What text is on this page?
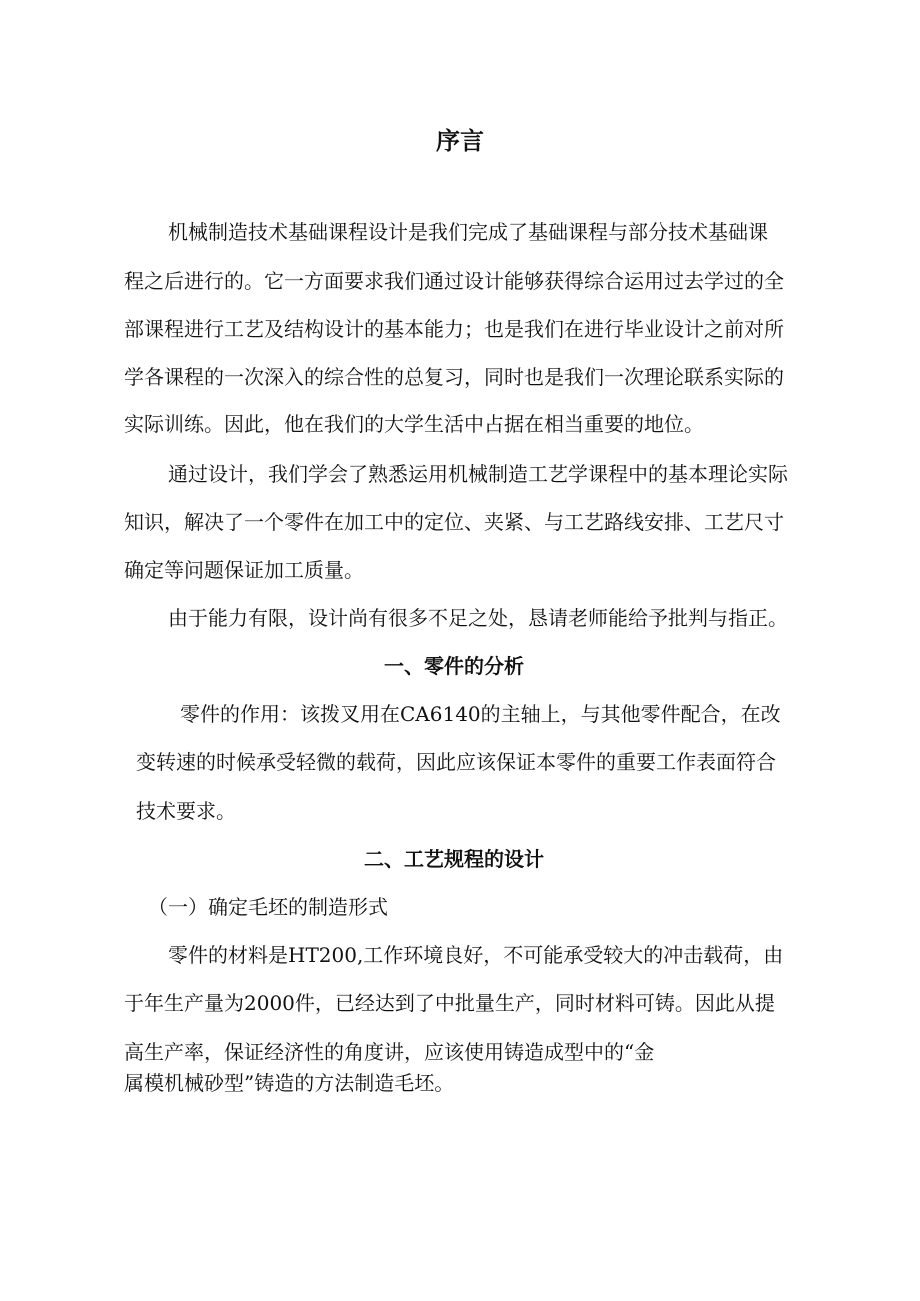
序言

机械制造技术基础课程设计是我们完成了基础课程与部分技术基础课

程之后进行的。它一方面要求我们通过设计能够获得综合运用过去学过的全

部课程进行工艺及结构设计的基本能力；也是我们在进行毕业设计之前对所

学各课程的一次深入的综合性的总复习，同时也是我们一次理论联系实际的

实际训练。因此，他在我们的大学生活中占据在相当重要的地位。

通过设计，我们学会了熟悉运用机械制造工艺学课程中的基本理论实际

知识，解决了一个零件在加工中的定位、夹紧、与工艺路线安排、工艺尺寸

确定等问题保证加工质量。

由于能力有限，设计尚有很多不足之处，恳请老师能给予批判与指正。

一、零件的分析

零件的作用：该拨叉用在CA6140的主轴上，与其他零件配合，在改

变转速的时候承受轻微的载荷，因此应该保证本零件的重要工作表面符合

技术要求。

二、工艺规程的设计

（一）确定毛坯的制造形式

零件的材料是HT200,工作环境良好，不可能承受较大的冲击载荷，由

于年生产量为2000件，已经达到了中批量生产，同时材料可铸。因此从提

高生产率，保证经济性的角度讲，应该使用铸造成型中的“金

属模机械砂型”铸造的方法制造毛坯。
